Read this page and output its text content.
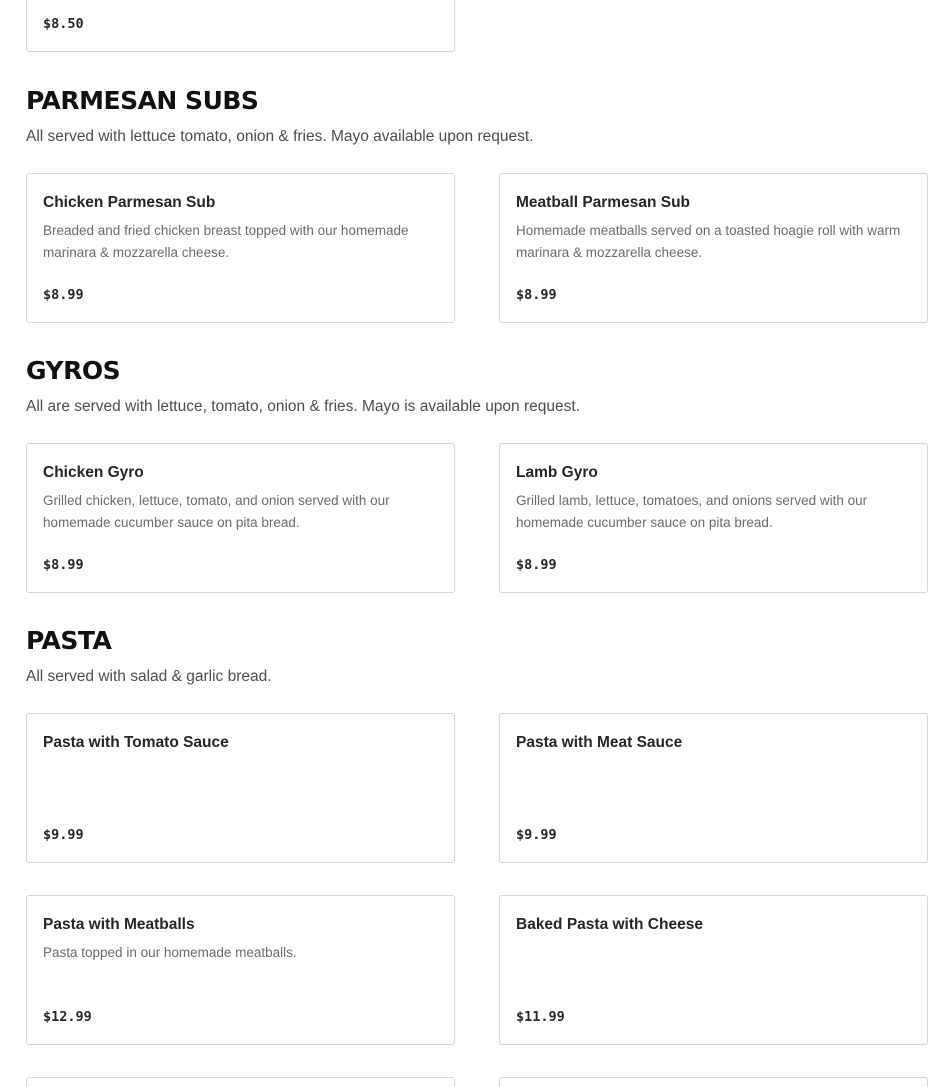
$8.50
PARMESAN SUBS

All served with lettuce tomato, onion & fries. Mayo available upon request.

Chicken Parmesan Sub
Breaded and fried chicken breast topped with our homemade marinara & mozzarella cheese.
$8.99
Meatball Parmesan Sub
Homemade meatballs served on a toasted hoagie roll with warm marinara & mozzarella cheese.
$8.99
GYROS

All are served with lettuce, tomato, onion & fries. Mayo is available upon request.

Chicken Gyro
Grilled chicken, lettuce, tomato, and onion served with our homemade cucumber sauce on pita bread.
$8.99
Lamb Gyro
Grilled lamb, lettuce, tomatoes, and onions served with our homemade cucumber sauce on pita bread.
$8.99
PASTA

All served with salad & garlic bread.

Pasta with Tomato Sauce
$9.99
Pasta with Meat Sauce
$9.99
Pasta with Meatballs
Pasta topped in our homemade meatballs.
$12.99
Baked Pasta with Cheese
$11.99
